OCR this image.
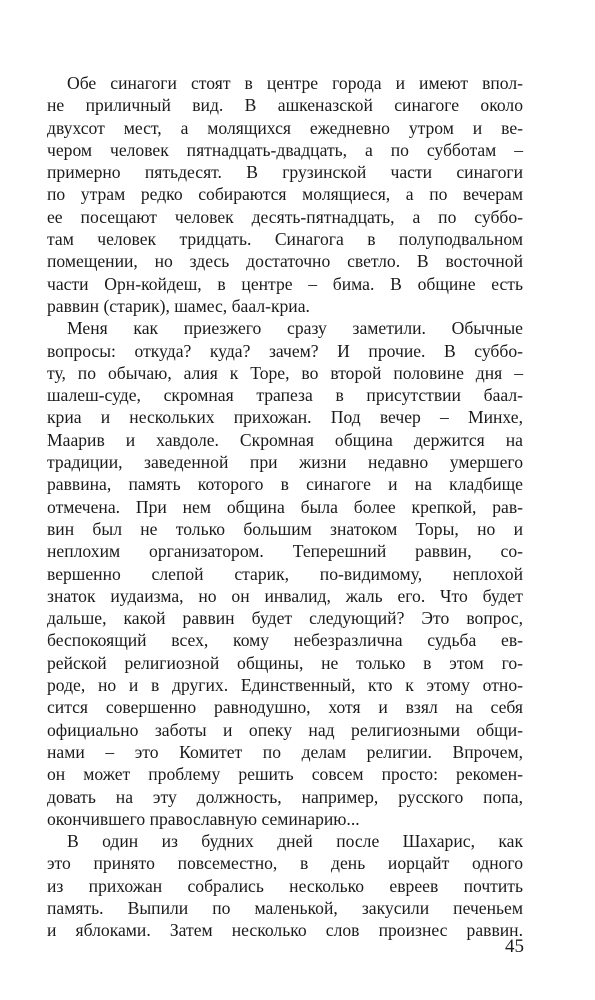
Обе синагоги стоят в центре города и имеют впол-
не приличный вид. В ашкеназской синагоге около
двухсот мест, а молящихся ежедневно утром и ве-
чером человек пятнадцать-двадцать, а по субботам –
примерно пятьдесят. В грузинской части синагоги
по утрам редко собираются молящиеся, а по вечерам
ее посещают человек десять-пятнадцать, а по суббо-
там человек тридцать. Синагога в полуподвальном
помещении, но здесь достаточно светло. В восточной
части Орн-койдеш, в центре – бима. В общине есть
раввин (старик), шамес, баал-криа.
Меня как приезжего сразу заметили. Обычные
вопросы: откуда? куда? зачем? И прочие. В суббо-
ту, по обычаю, алия к Торе, во второй половине дня –
шалеш-суде, скромная трапеза в присутствии баал-
криа и нескольких прихожан. Под вечер – Минхе,
Маарив и хавдоле. Скромная община держится на
традиции, заведенной при жизни недавно умершего
раввина, память которого в синагоге и на кладбище
отмечена. При нем община была более крепкой, рав-
вин был не только большим знатоком Торы, но и
неплохим организатором. Теперешний раввин, со-
вершенно слепой старик, по-видимому, неплохой
знаток иудаизма, но он инвалид, жаль его. Что будет
дальше, какой раввин будет следующий? Это вопрос,
беспокоящий всех, кому небезразлична судьба ев-
рейской религиозной общины, не только в этом го-
роде, но и в других. Единственный, кто к этому отно-
сится совершенно равнодушно, хотя и взял на себя
официально заботы и опеку над религиозными общи-
нами – это Комитет по делам религии. Впрочем,
он может проблему решить совсем просто: рекомен-
довать на эту должность, например, русского попа,
окончившего православную семинарию...
В один из будних дней после Шахарис, как
это принято повсеместно, в день иорцайт одного
из прихожан собрались несколько евреев почтить
память. Выпили по маленькой, закусили печеньем
и яблоками. Затем несколько слов произнес раввин.
45
